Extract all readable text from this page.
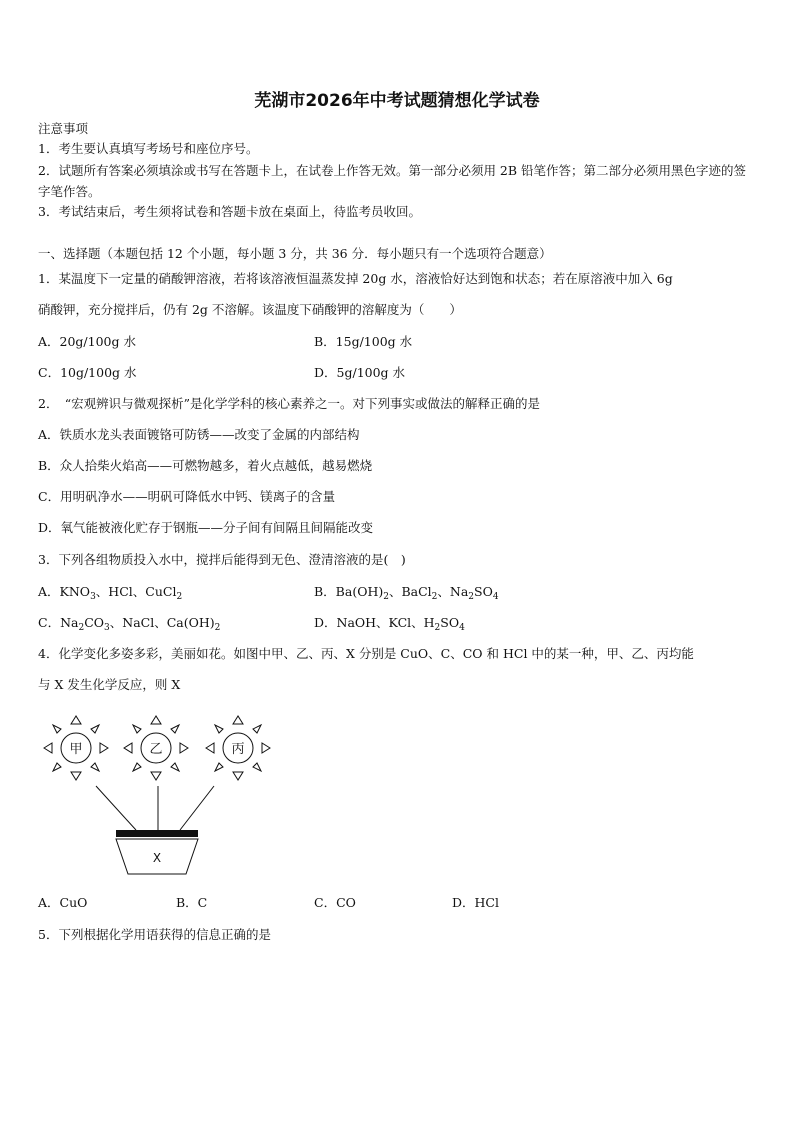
芜湖市2026年中考试题猜想化学试卷
注意事项
1．考生要认真填写考场号和座位序号。
2．试题所有答案必须填涂或书写在答题卡上，在试卷上作答无效。第一部分必须用 2B 铅笔作答；第二部分必须用黑色字迹的签字笔作答。
3．考试结束后，考生须将试卷和答题卡放在桌面上，待监考员收回。
一、选择题（本题包括 12 个小题，每小题 3 分，共 36 分．每小题只有一个选项符合题意）
1．某温度下一定量的硝酸钾溶液，若将该溶液恒温蒸发掉 20g 水，溶液恰好达到饱和状态；若在原溶液中加入 6g
硝酸钾，充分搅拌后，仍有 2g 不溶解。该温度下硝酸钾的溶解度为（　　）
A．20g/100g 水	B．15g/100g 水
C．10g/100g 水	D．5g/100g 水
2．　“宏观辨识与微观探析”是化学学科的核心素养之一。对下列事实或做法的解释正确的是
A．铁质水龙头表面镀铬可防锈——改变了金属的内部结构
B．众人拾柴火焰高——可燃物越多，着火点越低，越易燃烧
C．用明矾净水——明矾可降低水中钙、镁离子的含量
D．氧气能被液化贮存于钢瓶——分子间有间隔且间隔能改变
3．下列各组物质投入水中，搅拌后能得到无色、澄清溶液的是(　)
A．$KNO_3$、HCl、CuCl$_2$	B．$Ba(OH)_2$、BaCl$_2$、$Na_2SO_4$
C．$Na_2CO_3$、NaCl、$Ca(OH)_2$	D．NaOH、KCl、$H_2SO_4$
4．化学变化多姿多彩，美丽如花。如图中甲、乙、丙、X 分别是 CuO、C、CO 和 HCl 中的某一种，甲、乙、丙均能
与 X 发生化学反应，则 X
甲	乙	丙
X
A．CuO	B．C	C．CO	D．HCl
5．下列根据化学用语获得的信息正确的是
